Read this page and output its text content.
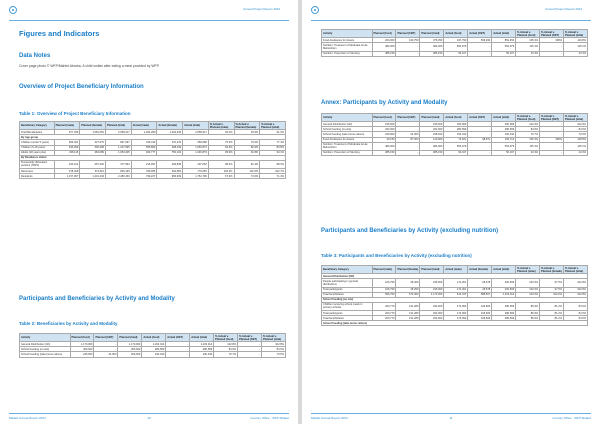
Annual Project Report 2024
Figures and Indicators
Data Notes

Cover page photo © WFP/Mahlet Abraha. A child smiles after eating a meal provided by WFP.

Overview of Project Beneficiary Information
Table 1: Overview of Project Beneficiary Information
Beneficiary Category	Planned (male)	Planned (female)	Planned (total)	Actual (male)	Actual (female)	Actual (total)	% Actual v. Planned (male)	% Actual v. Planned (female)	% Actual v. Planned (total)
Total Beneficiaries	977,336	1,081,081	2,058,417	1,264,289	1,394,636	2,658,917	92.4%	93.9%	91.3%
By Age-group									
Children (under 5 years)	486,021	427,676	867,697	346,443	370,215	659,658	75.6%	79.3%	77.4%
Children (5-18 years)	640,399	606,398	1,247,695	555,869	498,439	1,053,874	84.6%	82.9%	83.8%
Adults (18 years plus)	338,116	384,089	1,053,205	463,777	750,102	1,246,879	95.9%	91.8%	93.1%
By Residence status:									
Temporarily dislocated persons (TDPs)	220,162	257,402	477,564	216,097	209,835	407,052	98.2%	81.4%	88.3%
Returnees	378,328	373,416	846,439	336,965	392,682	779,653	104.3%	101.9%	102.7%
Residents	1,157,967	1,201,433	2,480,400	790,227	956,939	1,764,796	67.9%	74.6%	71.4%
Participants and Beneficiaries by Activity and Modality
Table 2: Beneficiaries by Activity and Modality
Activity	Planned (food)	Planned (CBT)	Planned (total)	Actual (food)	Actual (CBT)	Actual (total)	% Actual v. Planned (food)	% Actual v. Planned (CBT)	% Actual v. Planned (total)
General Distribution (GD)	1,170,000	-	1,170,000	1,203,014	-	1,203,014	102.8%	-	102.8%
School Feeding (on-site)	300,000	-	300,000	280,599	-	280,599	84.6%	-	84.6%
School Feeding (take-home rations)	245,000	24,000	269,000	190,340	-	190,340	79.7%	-	70.6%
Malawi Annual Report 2024	10	Country Office · WFP Malawi
Annual Project Report 2024
Activity	Planned (food)	Planned (CBT)	Planned (total)	Actual (food)	Actual (CBT)	Actual (total)	% Actual v. Planned (food)	% Actual v. Planned (CBT)	% Actual v. Planned (total)
Food Assistance for Assets	204,000	163,750	376,350	347,790	509,030	852,450	105.3%	396%	116.8%
Nutrition: Treatment of Moderate Acute Malnutrition	484,000	-	484,000	554,979	-	554,979	115.1%	-	115.1%
Nutrition: Prevention of Stunting	385,150	-	385,150	90,167	-	50,167	23.3%	-	23.3%
Annex: Participants by Activity and Modality
Activity	Planned (food)	Planned (CBT)	Planned (total)	Actual (food)	Actual (CBT)	Actual (total)	% Actual v. Planned (food)	% Actual v. Planned (CBT)	% Actual v. Planned (total)
General Distribution (GD)	195,000	-	195,000	200,999	-	200,999	102.9%	-	102.9%
School Feeding (on-site)	332,000	-	332,000	280,599	-	280,599	84.6%	-	84.6%
School Feeding (take-home rations)	249,900	24,000	238,400	190,340	-	190,340	79.7%	-	72.6%
Food Assistance for Assets	33,150	87,600	110,900	72,621	98,871	169,712	106.3%	396%	118.8%
Nutrition: Treatment of Moderate Acute Malnutrition	484,000	-	484,000	554,979	-	554,979	115.1%	-	115.1%
Nutrition: Prevention of Stunting	385,150	-	385,150	90,167	-	50,167	23.3%	-	23.3%
Participants and Beneficiaries by Activity (excluding nutrition)
Table 3: Participants and Beneficiaries by Activity (excluding nutrition)
Beneficiary Category	Planned (male)	Planned (female)	Planned (total)	Actual (male)	Actual (female)	Actual (total)	% Actual v. Planned (male)	% Actual v. Planned (female)	% Actual v. Planned (total)
General Distribution (GD)									
People participating in general distributions	166,750	28,360	195,000	172,261	28,578	200,839	103.3%	97.5%	102.9%
Total participants	166,750	28,250	195,000	172,261	28,578	200,839	103.3%	97.5%	102.9%
Total beneficiaries	596,700	573,300	1,170,000	614,347	588,667	1,203,014	103.0%	102.6%	102.8%
School Feeding (on-site)									
Children receiving school meals in primary schools	200,770	131,280	332,000	173,993	106,606	280,599	86.9%	81.2%	84.6%
Total participants	200,770	131,280	332,000	173,993	106,606	280,599	86.9%	81.2%	84.6%
Total beneficiaries	200,770	131,280	332,000	173,993	106,606	280,599	86.9%	81.2%	84.6%
School Feeding (take-home rations)									
Malawi Annual Report 2024	11	Country Office · WFP Malawi
